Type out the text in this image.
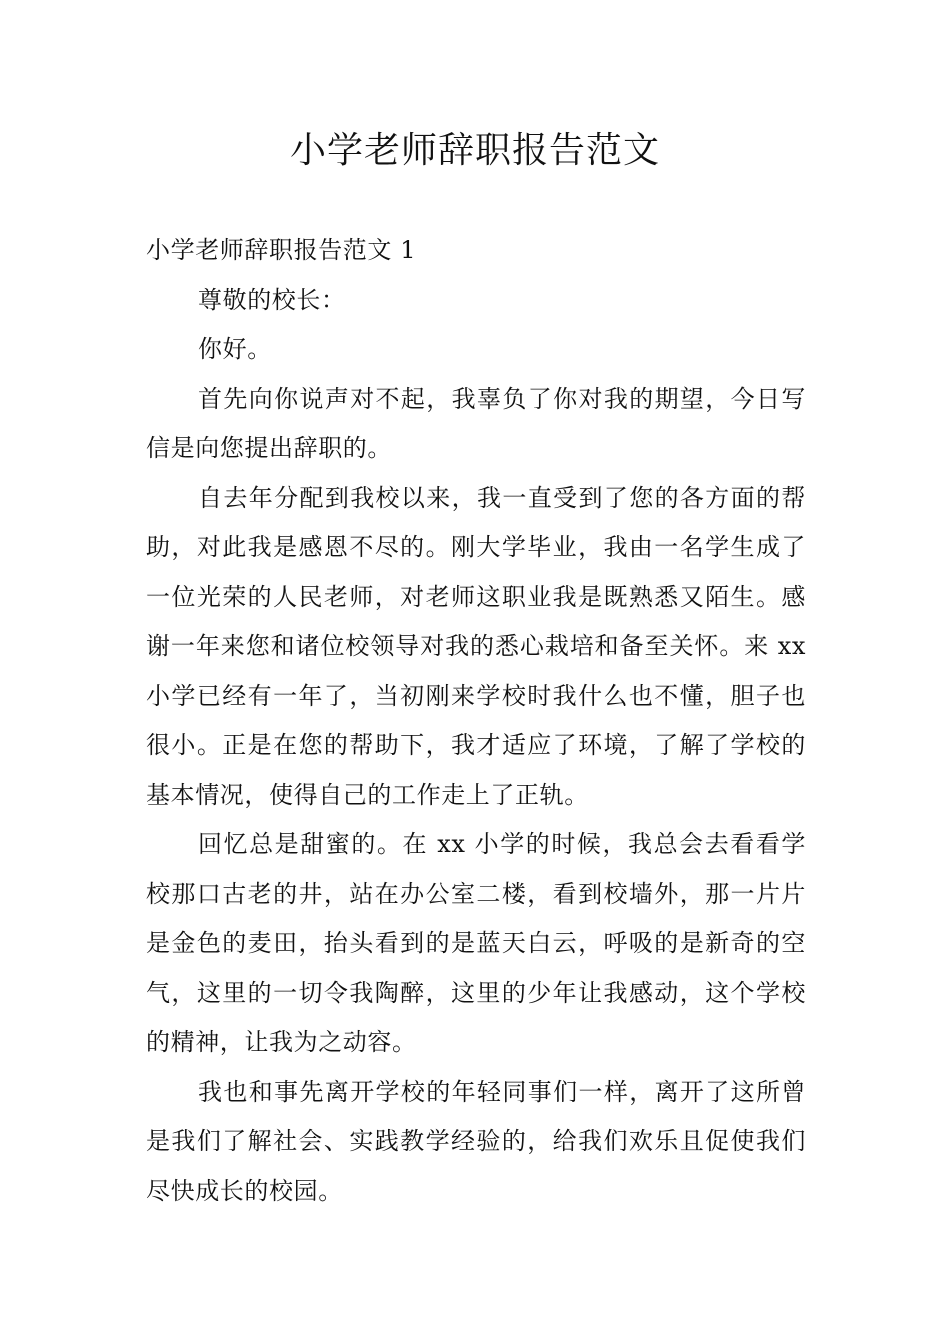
小学老师辞职报告范文

小学老师辞职报告范文 1

尊敬的校长：

你好。

首先向你说声对不起，我辜负了你对我的期望，今日写信是向您提出辞职的。

自去年分配到我校以来，我一直受到了您的各方面的帮助，对此我是感恩不尽的。刚大学毕业，我由一名学生成了一位光荣的人民老师，对老师这职业我是既熟悉又陌生。感谢一年来您和诸位校领导对我的悉心栽培和备至关怀。来 xx 小学已经有一年了，当初刚来学校时我什么也不懂，胆子也很小。正是在您的帮助下，我才适应了环境，了解了学校的基本情况，使得自己的工作走上了正轨。

回忆总是甜蜜的。在 xx 小学的时候，我总会去看看学校那口古老的井，站在办公室二楼，看到校墙外，那一片片是金色的麦田，抬头看到的是蓝天白云，呼吸的是新奇的空气，这里的一切令我陶醉，这里的少年让我感动，这个学校的精神，让我为之动容。

我也和事先离开学校的年轻同事们一样，离开了这所曾是我们了解社会、实践教学经验的，给我们欢乐且促使我们尽快成长的校园。
